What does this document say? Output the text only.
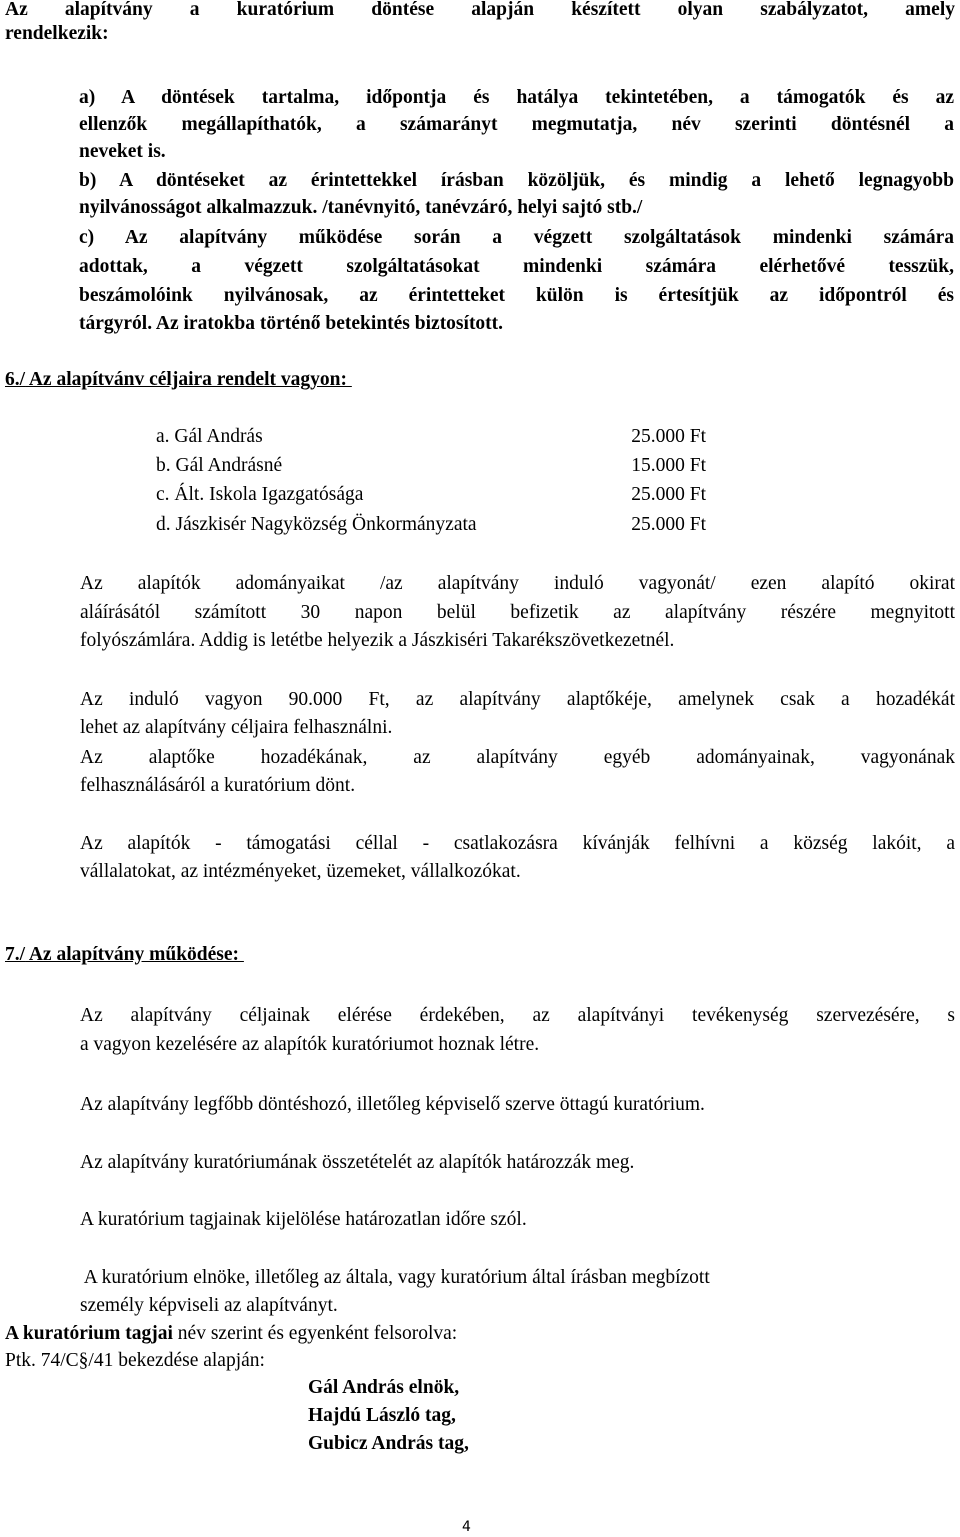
Az alapítvány a kuratórium döntése alapján készített olyan szabályzatot, amely
rendelkezik:
a) A döntések tartalma, időpontja és hatálya tekintetében, a támogatók és az
ellenzők megállapíthatók, a számarányt megmutatja, név szerinti döntésnél a
neveket is.
b) A döntéseket az érintettekkel írásban közöljük, és mindig a lehető legnagyobb
nyilvánosságot alkalmazzuk. /tanévnyitó, tanévzáró, helyi sajtó stb./
c) Az alapítvány működése során a végzett szolgáltatások mindenki számára
adottak, a végzett szolgáltatásokat mindenki számára elérhetővé tesszük,
beszámolóink nyilvánosak, az érintetteket külön is értesítjük az időpontról és
tárgyról. Az iratokba történő betekintés biztosított.
6./ Az alapítvánv céljaira rendelt vagyon:
a. Gál András	25.000 Ft
b. Gál Andrásné	15.000 Ft
c. Ált. Iskola Igazgatósága	25.000 Ft
d. Jászkisér Nagyközség Önkormányzata	25.000 Ft
Az alapítók adományaikat /az alapítvány induló vagyonát/ ezen alapító okirat
aláírásától számított 30 napon belül befizetik az alapítvány részére megnyitott
folyószámlára. Addig is letétbe helyezik a Jászkiséri Takarékszövetkezetnél.
Az induló vagyon 90.000 Ft, az alapítvány alaptőkéje, amelynek csak a hozadékát
lehet az alapítvány céljaira felhasználni.
Az alaptőke hozadékának, az alapítvány egyéb adományainak, vagyonának
felhasználásáról a kuratórium dönt.
Az alapítók - támogatási céllal - csatlakozásra kívánják felhívni a község lakóit, a
vállalatokat, az intézményeket, üzemeket, vállalkozókat.
7./ Az alapítvány működése:
Az alapítvány céljainak elérése érdekében, az alapítványi tevékenység szervezésére, s
a vagyon kezelésére az alapítók kuratóriumot hoznak létre.
Az alapítvány legfőbb döntéshozó, illetőleg képviselő szerve öttagú kuratórium.
Az alapítvány kuratóriumának összetételét az alapítók határozzák meg.
A kuratórium tagjainak kijelölése határozatlan időre szól.
A kuratórium elnöke, illetőleg az általa, vagy kuratórium által írásban megbízott
személy képviseli az alapítványt.
A kuratórium tagjai név szerint és egyenként felsorolva:
Ptk. 74/C§/41 bekezdése alapján:
Gál András elnök,
Hajdú László tag,
Gubicz András tag,
4
